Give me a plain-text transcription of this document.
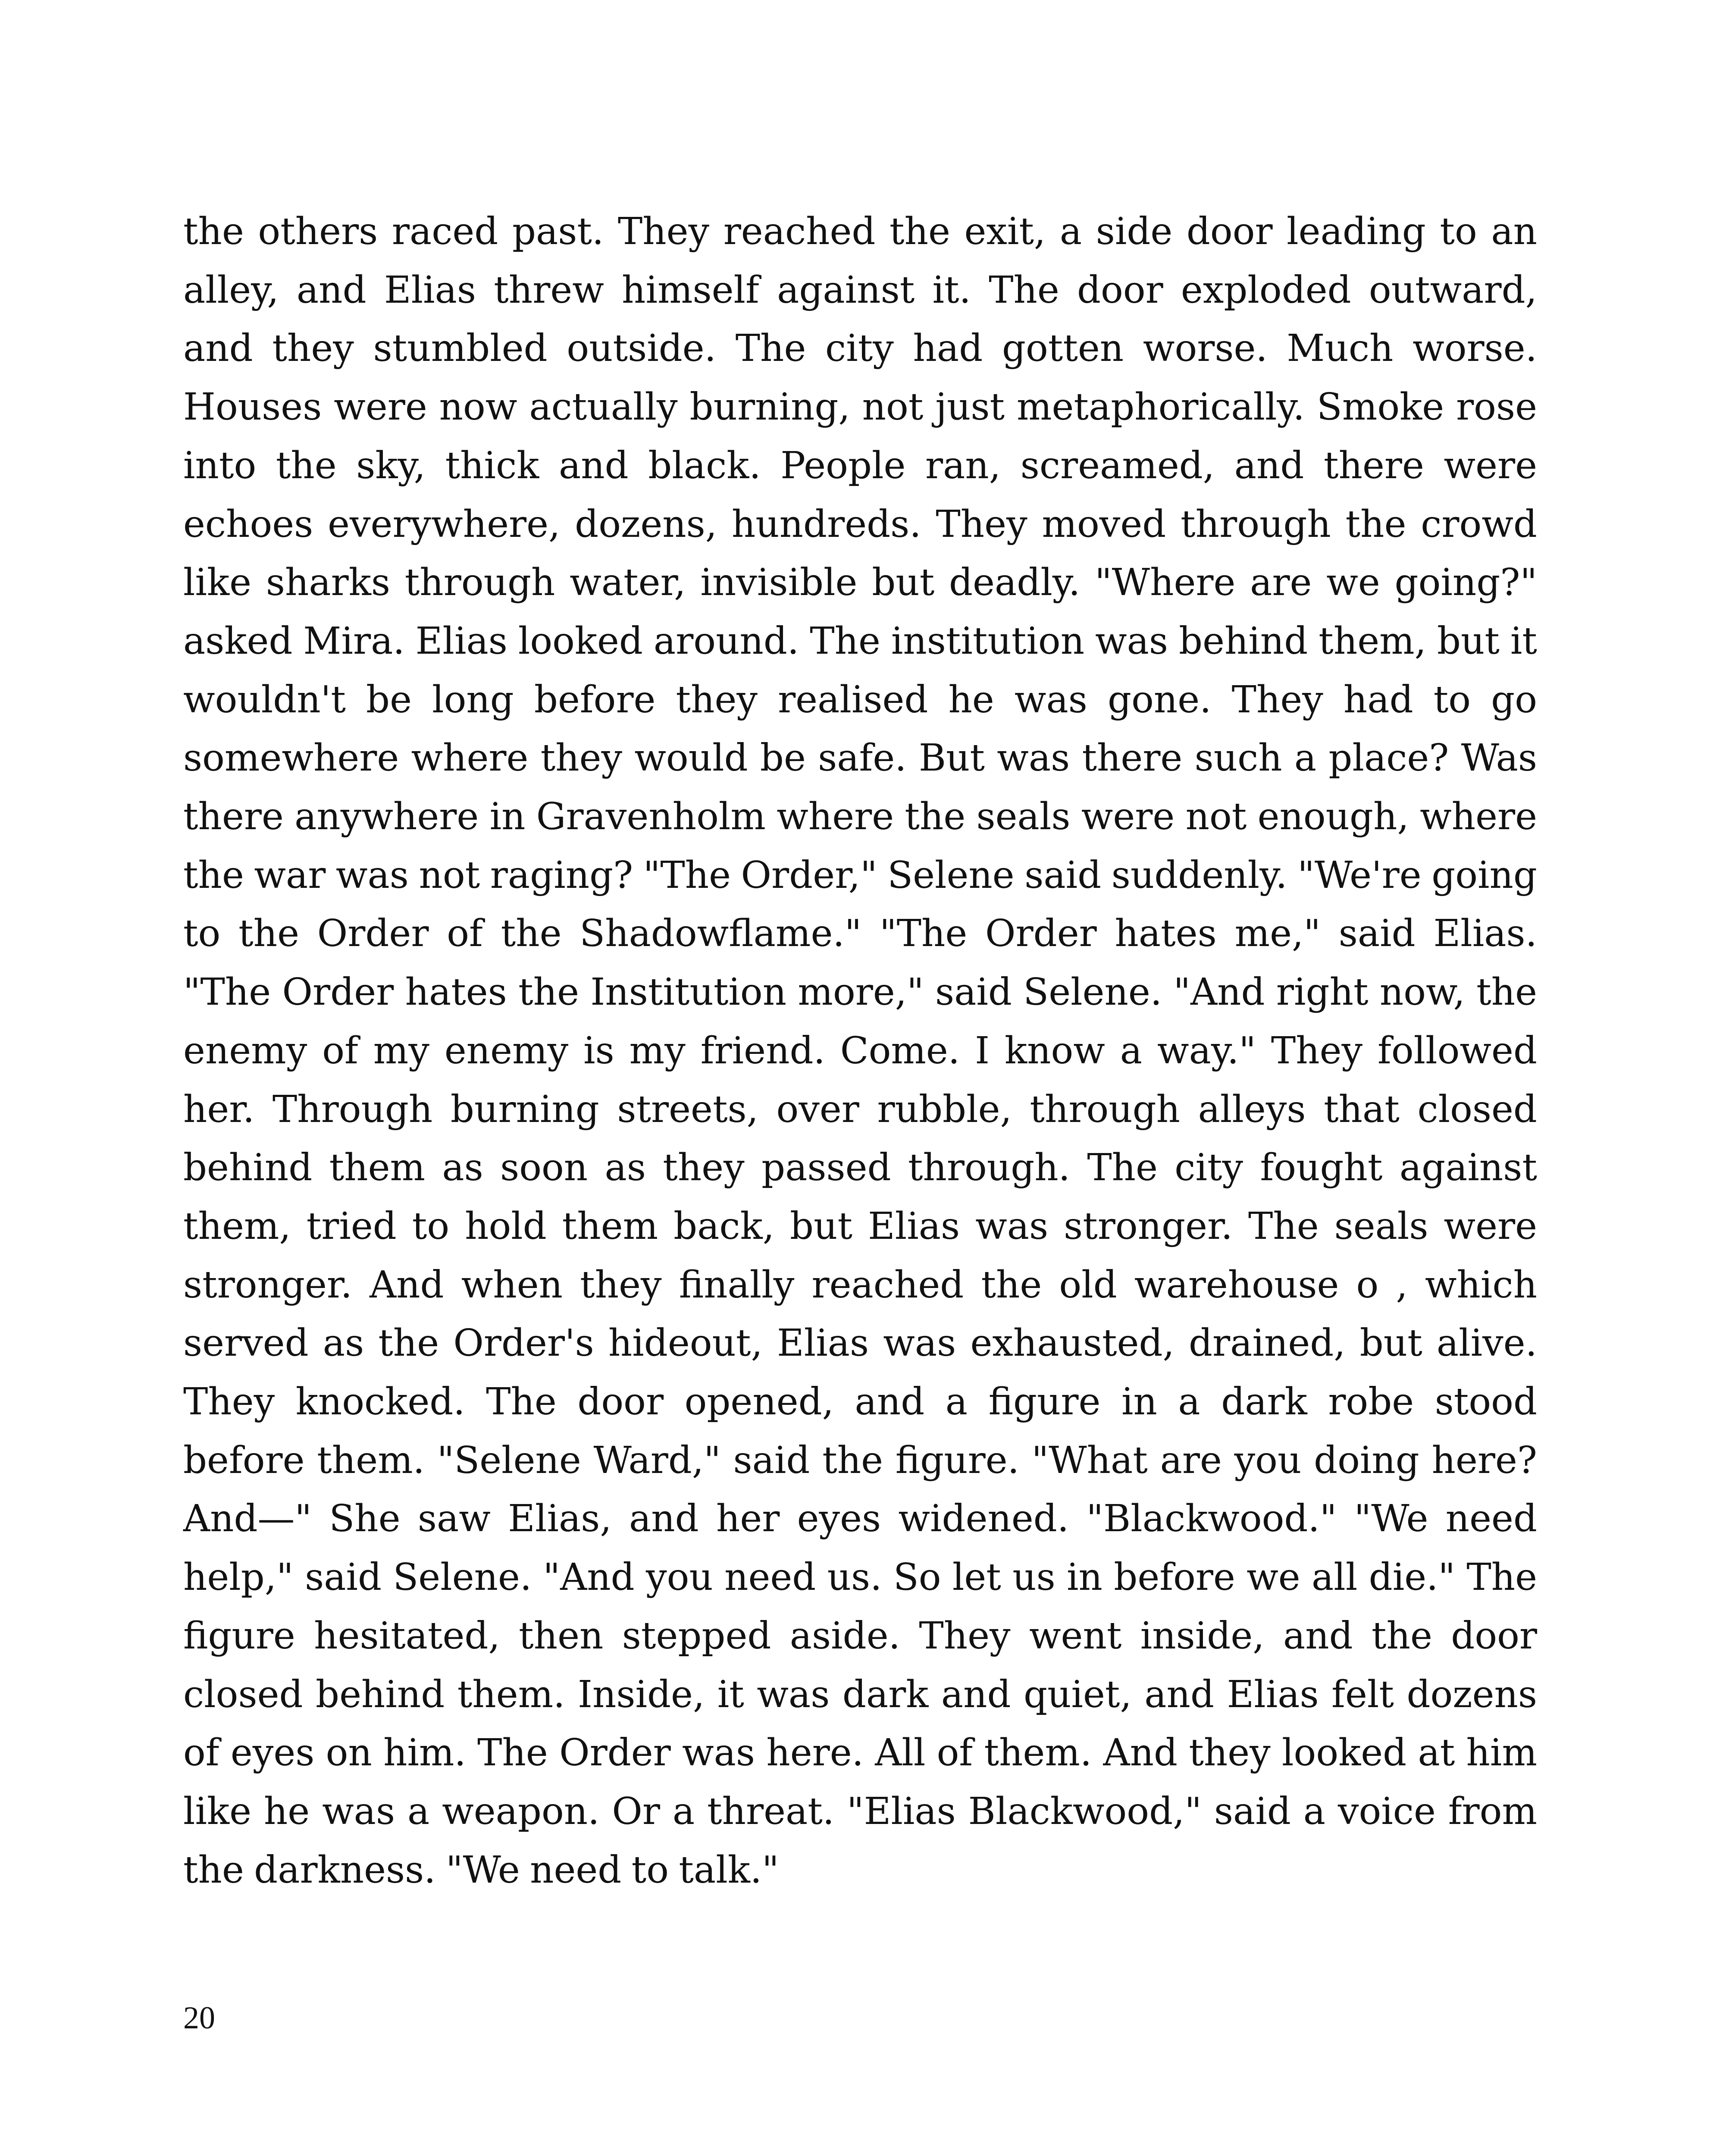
the others raced past. They reached the exit, a side door leading to an alley, and Elias threw himself against it. The door exploded outward, and they stumbled outside. The city had gotten worse. Much worse. Houses were now actually burning, not just metaphorically. Smoke rose into the sky, thick and black. People ran, screamed, and there were echoes everywhere, dozens, hundreds. They moved through the crowd like sharks through water, invisible but deadly. "Where are we going?" asked Mira. Elias looked around. The institution was behind them, but it wouldn't be long before they realised he was gone. They had to go somewhere where they would be safe. But was there such a place? Was there anywhere in Gravenholm where the seals were not enough, where the war was not raging? "The Order," Selene said suddenly. "We're going to the Order of the Shadowflame." "The Order hates me," said Elias. "The Order hates the Institution more," said Selene. "And right now, the enemy of my enemy is my friend. Come. I know a way." They followed her. Through burning streets, over rubble, through alleys that closed behind them as soon as they passed through. The city fought against them, tried to hold them back, but Elias was stronger. The seals were stronger. And when they finally reached the old warehouse o , which served as the Order's hideout, Elias was exhausted, drained, but alive. They knocked. The door opened, and a figure in a dark robe stood before them. "Selene Ward," said the figure. "What are you doing here? And—" She saw Elias, and her eyes widened. "Blackwood." "We need help," said Selene. "And you need us. So let us in before we all die." The figure hesitated, then stepped aside. They went inside, and the door closed behind them. Inside, it was dark and quiet, and Elias felt dozens of eyes on him. The Order was here. All of them. And they looked at him like he was a weapon. Or a threat. "Elias Blackwood," said a voice from the darkness. "We need to talk."

20
